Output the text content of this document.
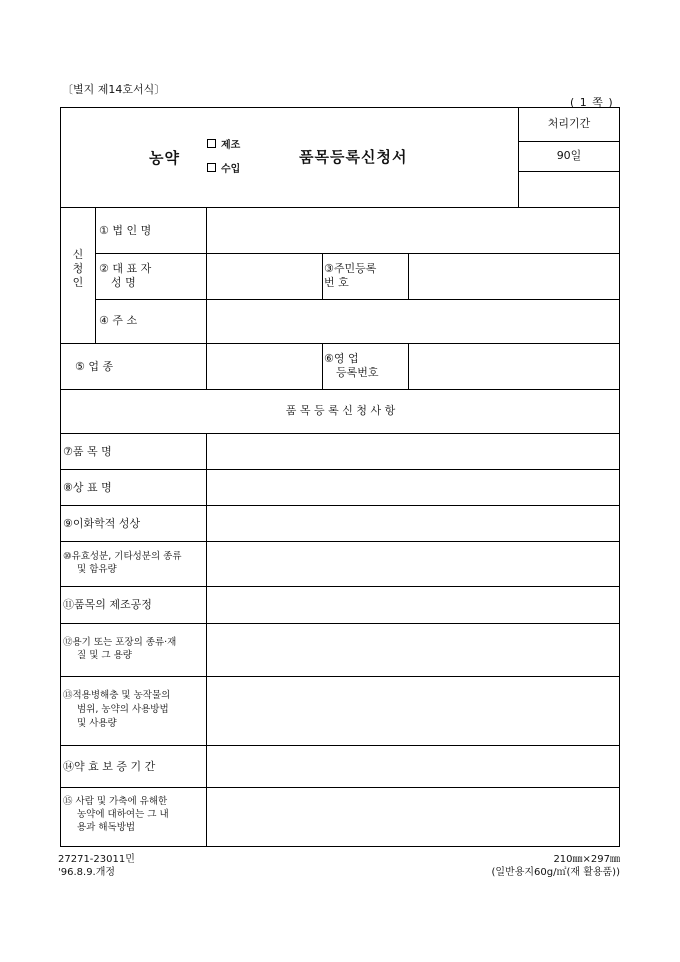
〔별지 제14호서식〕
( 1 쪽 )
농약
제조
수입
품목등록신청서
처리기간
90일
신
청
인
① 법 인 명
② 대 표 자
성 명
③주민등록
번 호
④ 주 소
⑤ 업 종
⑥영 업
등록번호
품 목 등 록 신 청 사 항
⑦품 목 명
⑧상 표 명
⑨이화학적 성상
⑩유효성분, 기타성분의 종류
및 함유량
⑪품목의 제조공정
⑫용기 또는 포장의 종류·재
질 및 그 용량
⑬적용병해충 및 농작물의
범위, 농약의 사용방법
및 사용량
⑭약 효 보 증 기 간
⑮ 사람 및 가축에 유해한
농약에 대하여는 그 내
용과 해독방법
27271-23011민
'96.8.9.개정
210㎜×297㎜
(일반용지60g/㎡(재 활용품))
